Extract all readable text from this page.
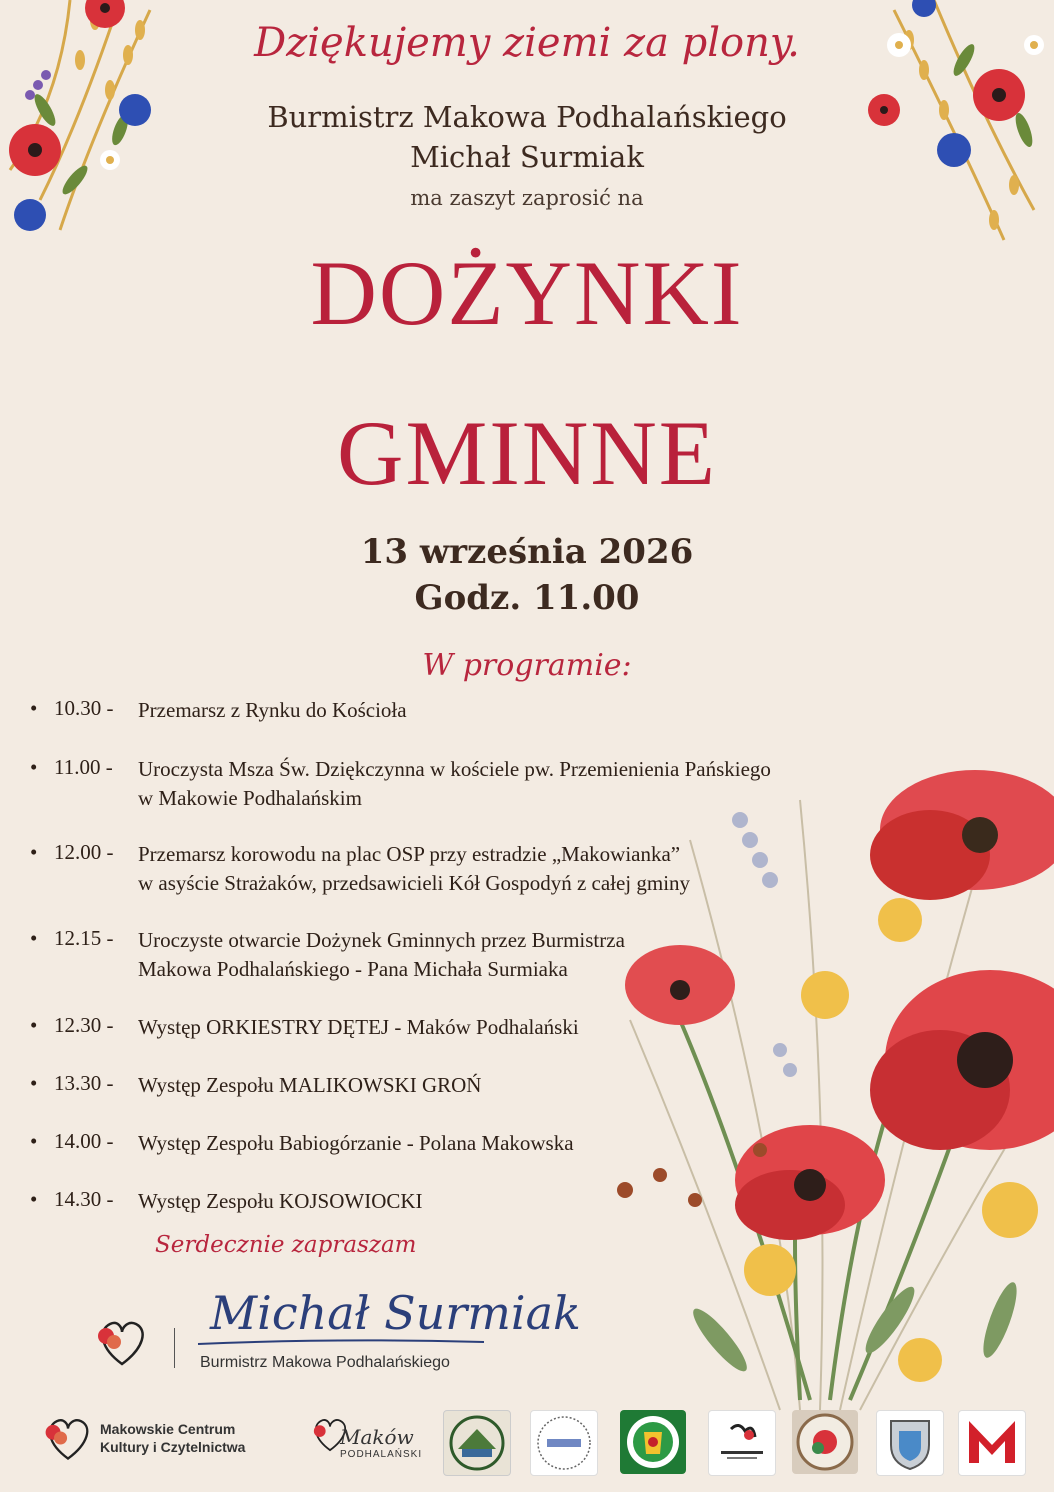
Dziękujemy ziemi za plony.
Burmistrz Makowa Podhalańskiego
Michał Surmiak
ma zaszyt zaprosić na
DOŻYNKI
GMINNE
13 września 2026
Godz. 11.00
W programie:
• 10.30 - Przemarsz z Rynku do Kościoła
• 11.00 - Uroczysta Msza Św. Dziękczynna w kościele pw. Przemienienia Pańskiego
w Makowie Podhalańskim
• 12.00 - Przemarsz korowodu na plac OSP przy estradzie „Makowianka”
w asyście Strażaków, przedsawicieli Kół Gospodyń z całej gminy
• 12.15 - Uroczyste otwarcie Dożynek Gminnych przez Burmistrza
Makowa Podhalańskiego - Pana Michała Surmiaka
• 12.30 - Występ ORKIESTRY DĘTEJ - Maków Podhalański
• 13.30 - Występ Zespołu MALIKOWSKI GROŃ
• 14.00 - Występ Zespołu Babiogórzanie - Polana Makowska
• 14.30 - Występ Zespołu KOJSOWIOCKI
Serdecznie zapraszam
Michał Surmiak
Burmistrz Makowa Podhalańskiego
Makowskie Centrum
Kultury i Czytelnictwa	Maków
PODHALAŃSKI
